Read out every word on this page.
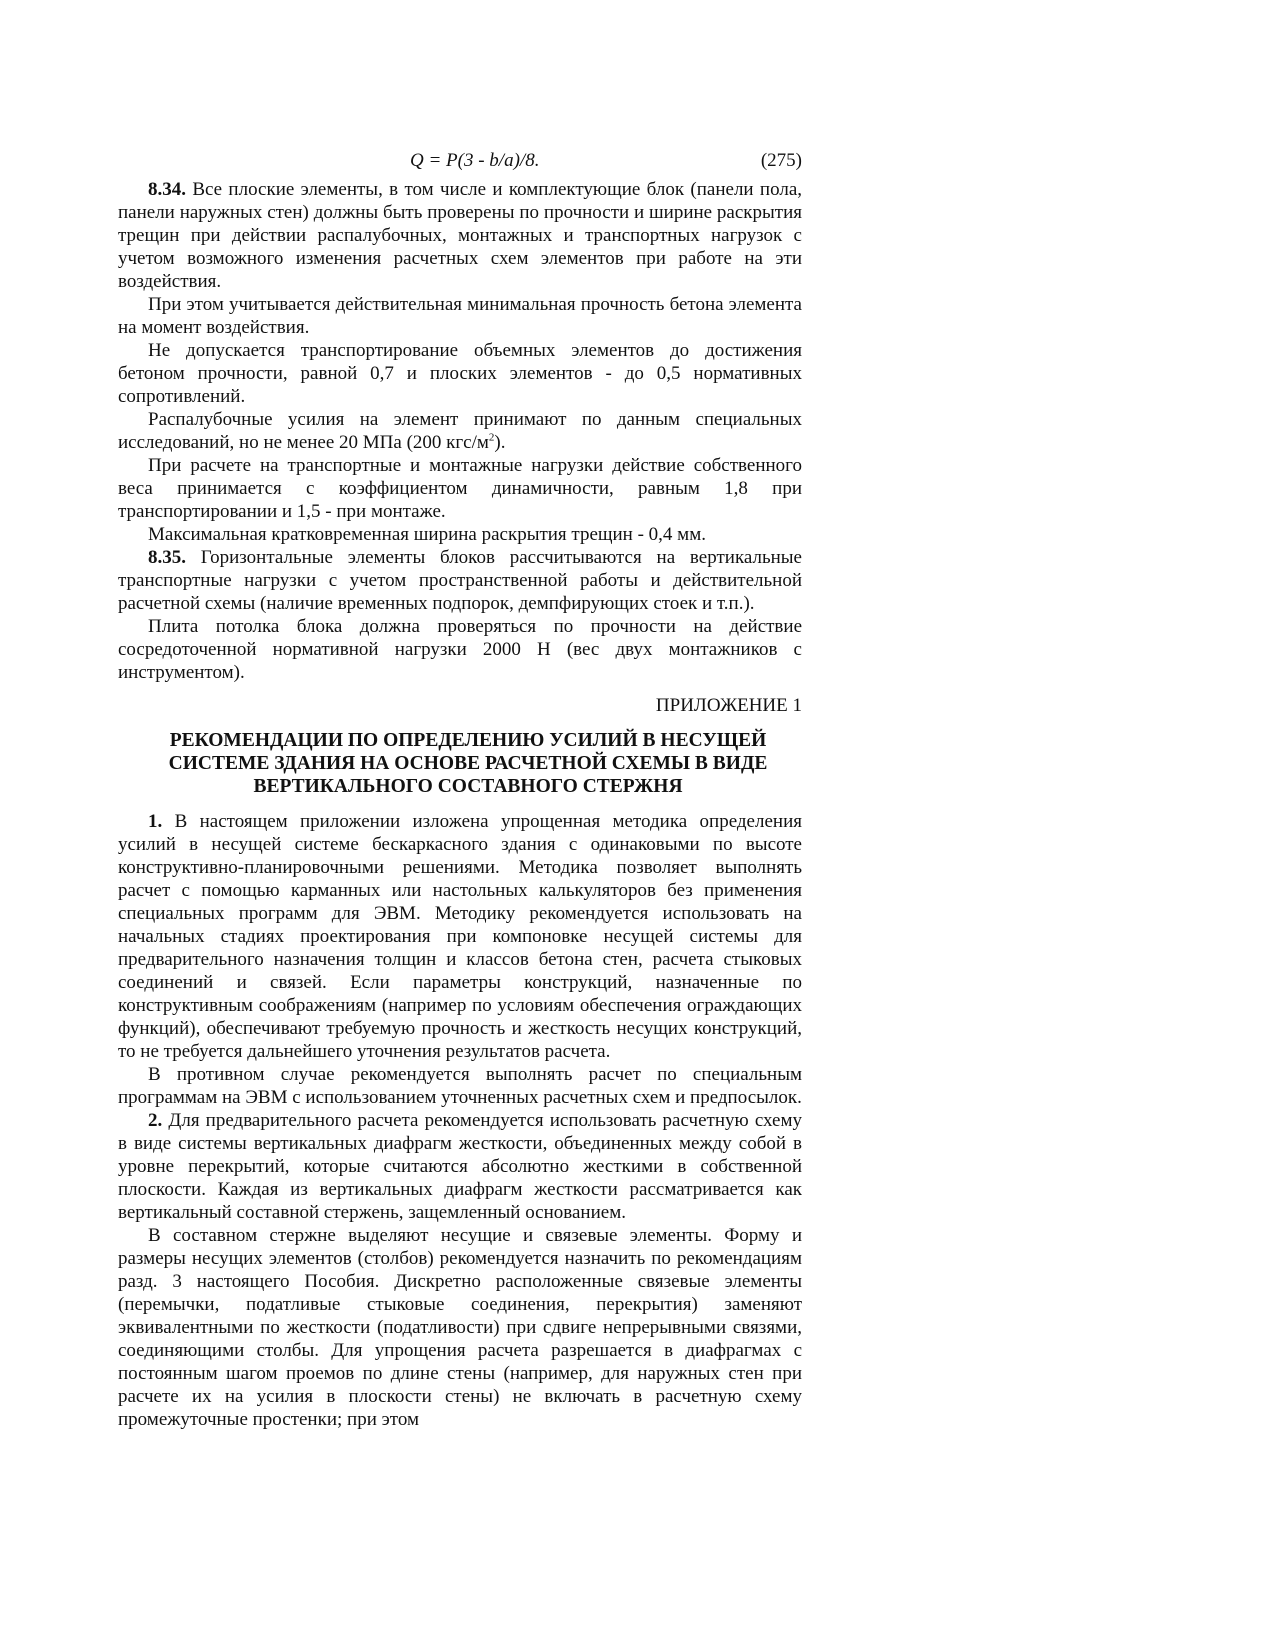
Q = P(3 - b/a)/8.	(275)

8.34. Все плоские элементы, в том числе и комплектующие блок (панели пола, панели наружных стен) должны быть проверены по прочности и ширине раскрытия трещин при действии распалубочных, монтажных и транспортных нагрузок с учетом возможного изменения расчетных схем элементов при работе на эти воздействия.

При этом учитывается действительная минимальная прочность бетона элемента на момент воздействия.

Не допускается транспортирование объемных элементов до достижения бетоном прочности, равной 0,7 и плоских элементов - до 0,5 нормативных сопротивлений.

Распалубочные усилия на элемент принимают по данным специальных исследований, но не менее 20 МПа (200 кгс/$м^2$).

При расчете на транспортные и монтажные нагрузки действие собственного веса принимается с коэффициентом динамичности, равным 1,8 при транспортировании и 1,5 - при монтаже.

Максимальная кратковременная ширина раскрытия трещин - 0,4 мм.

8.35. Горизонтальные элементы блоков рассчитываются на вертикальные транспортные нагрузки с учетом пространственной работы и действительной расчетной схемы (наличие временных подпорок, демпфирующих стоек и т.п.).

Плита потолка блока должна проверяться по прочности на действие сосредоточенной нормативной нагрузки 2000 Н (вес двух монтажников с инструментом).

ПРИЛОЖЕНИЕ 1
РЕКОМЕНДАЦИИ ПО ОПРЕДЕЛЕНИЮ УСИЛИЙ В НЕСУЩЕЙ
СИСТЕМЕ ЗДАНИЯ НА ОСНОВЕ РАСЧЕТНОЙ СХЕМЫ В ВИДЕ
ВЕРТИКАЛЬНОГО СОСТАВНОГО СТЕРЖНЯ

1. В настоящем приложении изложена упрощенная методика определения усилий в несущей системе бескаркасного здания с одинаковыми по высоте конструктивно-планировочными решениями. Методика позволяет выполнять расчет с помощью карманных или настольных калькуляторов без применения специальных программ для ЭВМ. Методику рекомендуется использовать на начальных стадиях проектирования при компоновке несущей системы для предварительного назначения толщин и классов бетона стен, расчета стыковых соединений и связей. Если параметры конструкций, назначенные по конструктивным соображениям (например по условиям обеспечения ограждающих функций), обеспечивают требуемую прочность и жесткость несущих конструкций, то не требуется дальнейшего уточнения результатов расчета.

В противном случае рекомендуется выполнять расчет по специальным программам на ЭВМ с использованием уточненных расчетных схем и предпосылок.

2. Для предварительного расчета рекомендуется использовать расчетную схему в виде системы вертикальных диафрагм жесткости, объединенных между собой в уровне перекрытий, которые считаются абсолютно жесткими в собственной плоскости. Каждая из вертикальных диафрагм жесткости рассматривается как вертикальный составной стержень, защемленный основанием.

В составном стержне выделяют несущие и связевые элементы. Форму и размеры несущих элементов (столбов) рекомендуется назначить по рекомендациям разд. 3 настоящего Пособия. Дискретно расположенные связевые элементы (перемычки, податливые стыковые соединения, перекрытия) заменяют эквивалентными по жесткости (податливости) при сдвиге непрерывными связями, соединяющими столбы. Для упрощения расчета разрешается в диафрагмах с постоянным шагом проемов по длине стены (например, для наружных стен при расчете их на усилия в плоскости стены) не включать в расчетную схему промежуточные простенки; при этом
